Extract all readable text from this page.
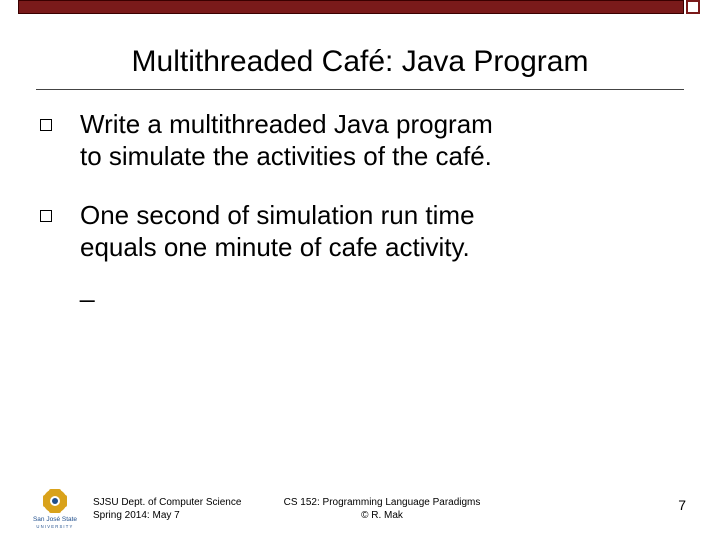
Multithreaded Café: Java Program
Write a multithreaded Java program
to simulate the activities of the café.
One second of simulation run time
equals one minute of cafe activity.
_
San José State
UNIVERSITY
SJSU Dept. of Computer Science
Spring 2014: May 7
CS 152: Programming Language Paradigms
© R. Mak
7
